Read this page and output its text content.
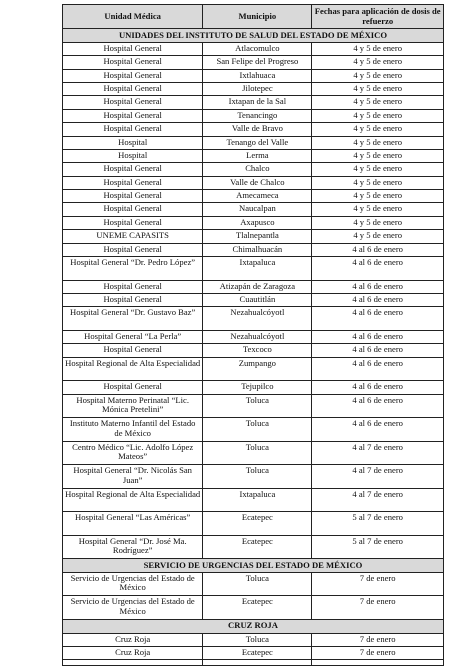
Unidad Médica	Municipio	Fechas para aplicación de dosis de refuerzo
UNIDADES DEL INSTITUTO DE SALUD DEL ESTADO DE MÉXICO		
Hospital General	Atlacomulco	4 y 5 de enero
Hospital General	San Felipe del Progreso	4 y 5 de enero
Hospital General	Ixtlahuaca	4 y 5 de enero
Hospital General	Jilotepec	4 y 5 de enero
Hospital General	Ixtapan de la Sal	4 y 5 de enero
Hospital General	Tenancingo	4 y 5 de enero
Hospital General	Valle de Bravo	4 y 5 de enero
Hospital	Tenango del Valle	4 y 5 de enero
Hospital	Lerma	4 y 5 de enero
Hospital General	Chalco	4 y 5 de enero
Hospital General	Valle de Chalco	4 y 5 de enero
Hospital General	Amecameca	4 y 5 de enero
Hospital General	Naucalpan	4 y 5 de enero
Hospital General	Axapusco	4 y 5 de enero
UNEME CAPASITS	Tlalnepantla	4 y 5 de enero
Hospital General	Chimalhuacán	4 al 6 de enero
Hospital General “Dr. Pedro López”	Ixtapaluca	4 al 6 de enero
Hospital General	Atizapán de Zaragoza	4 al 6 de enero
Hospital General	Cuautitlán	4 al 6 de enero
Hospital General “Dr. Gustavo Baz”	Nezahualcóyotl	4 al 6 de enero
Hospital General “La Perla”	Nezahualcóyotl	4 al 6 de enero
Hospital General	Texcoco	4 al 6 de enero
Hospital Regional de Alta Especialidad	Zumpango	4 al 6 de enero
Hospital General	Tejupilco	4 al 6 de enero
Hospital Materno Perinatal “Lic. Mónica Pretelini”	Toluca	4 al 6 de enero
Instituto Materno Infantil del Estado de México	Toluca	4 al 6 de enero
Centro Médico “Lic. Adolfo López Mateos”	Toluca	4 al 7 de enero
Hospital General “Dr. Nicolás San Juan”	Toluca	4 al 7 de enero
Hospital Regional de Alta Especialidad	Ixtapaluca	4 al 7 de enero
Hospital General “Las Américas”	Ecatepec	5 al 7 de enero
Hospital General “Dr. José Ma. Rodríguez”	Ecatepec	5 al 7 de enero
SERVICIO DE URGENCIAS DEL ESTADO DE MÉXICO		
Servicio de Urgencias del Estado de México	Toluca	7 de enero
Servicio de Urgencias del Estado de México	Ecatepec	7 de enero
CRUZ ROJA		
Cruz Roja	Toluca	7 de enero
Cruz Roja	Ecatepec	7 de enero
